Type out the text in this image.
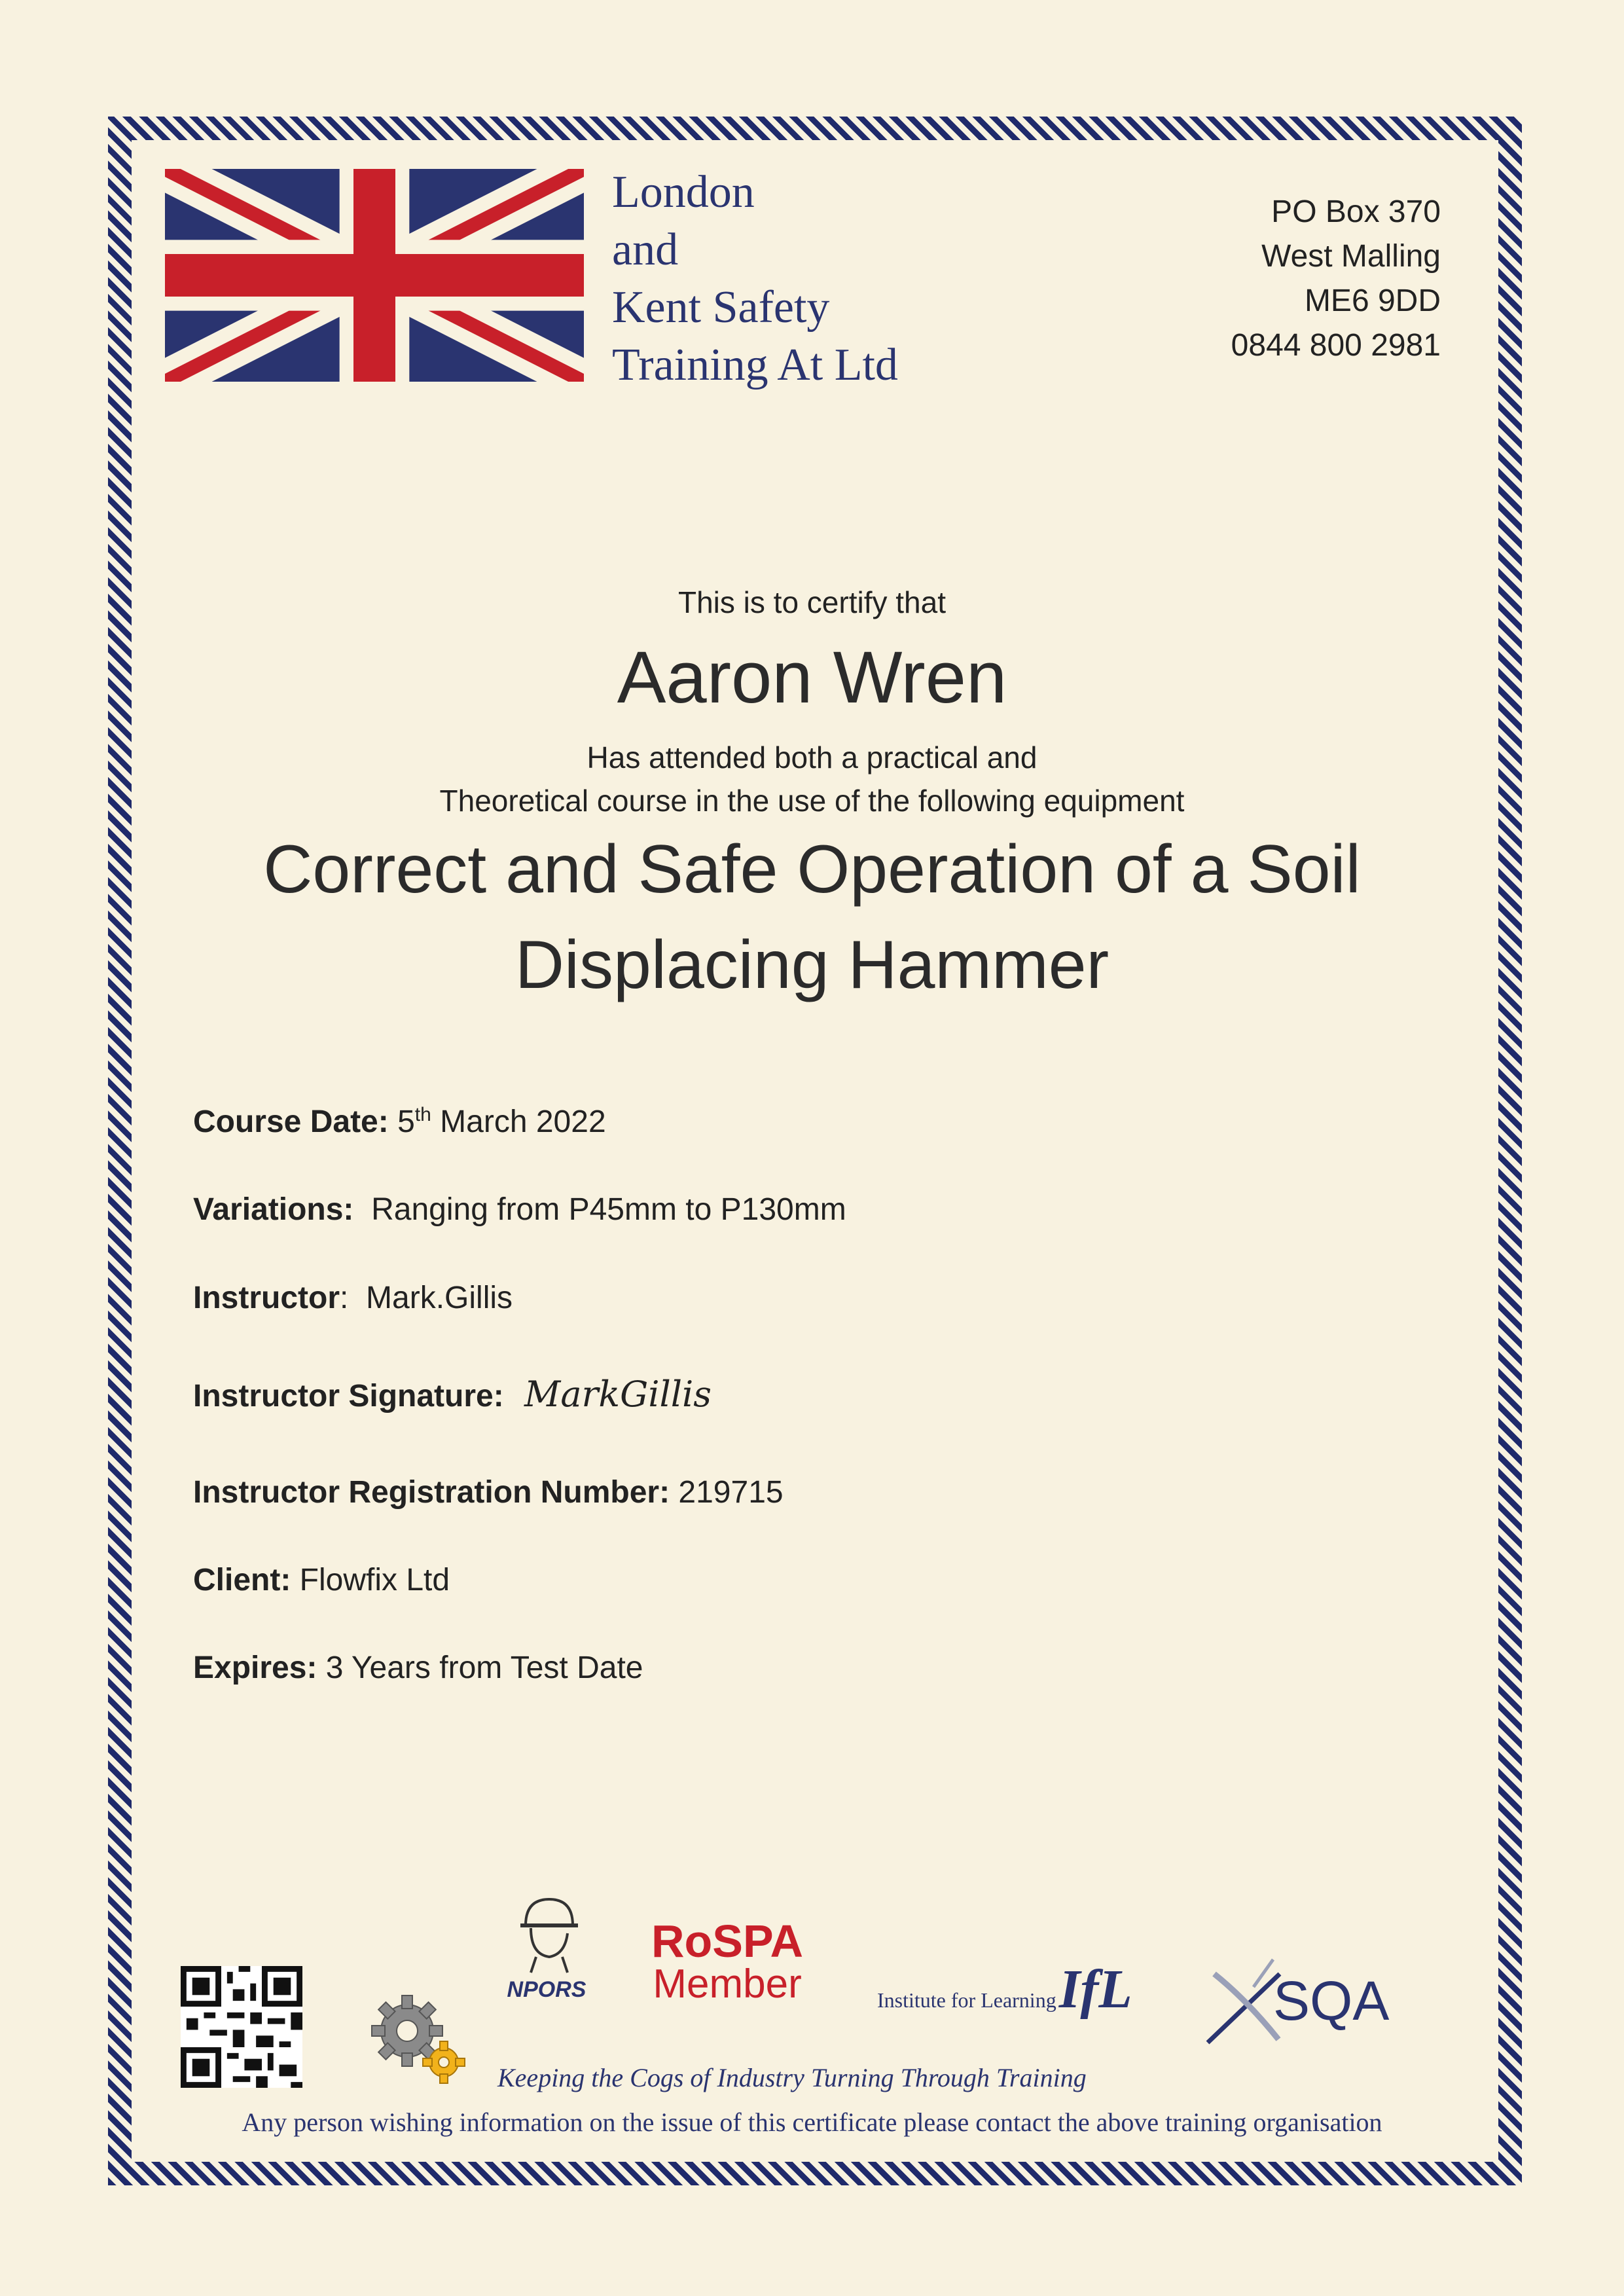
London
and
Kent Safety
Training At Ltd
PO Box 370
West Malling
ME6 9DD
0844 800 2981
This is to certify that
Aaron Wren
Has attended both a practical and
Theoretical course in the use of the following equipment
Correct and Safe Operation of a Soil
Displacing Hammer
Course Date: 5th March 2022
Variations: Ranging from P45mm to P130mm
Instructor:  Mark.Gillis
Instructor Signature: MarkGillis
Instructor Registration Number: 219715
Client: Flowfix Ltd
Expires: 3 Years from Test Date
NPORS
RoSPA
Member	Institute for Learning IfL	SQA
Keeping the Cogs of Industry Turning Through Training
Any person wishing information on the issue of this certificate please contact the above training organisation
